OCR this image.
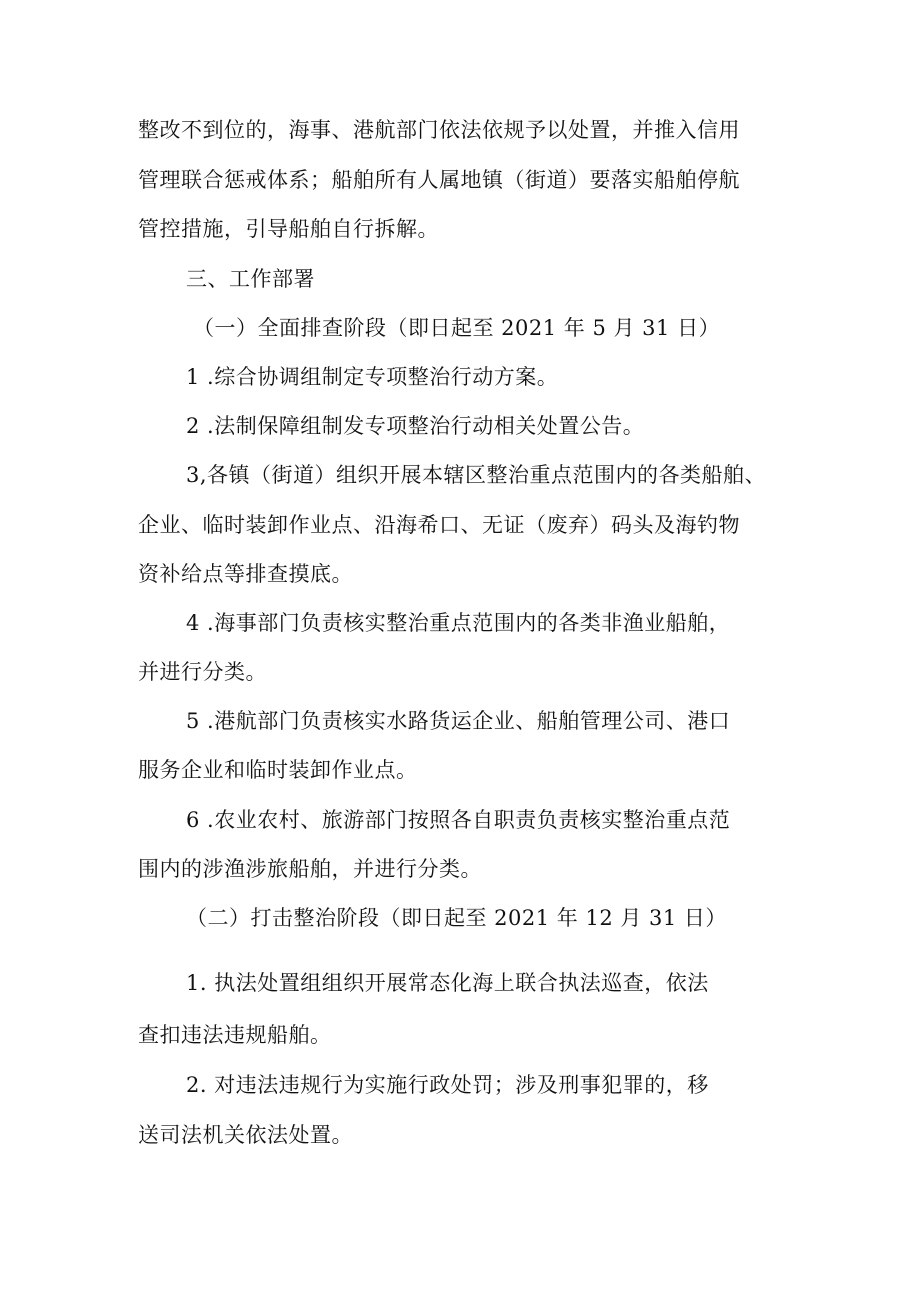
整改不到位的，海事、港航部门依法依规予以处置，并推入信用

管理联合惩戒体系；船舶所有人属地镇（街道）要落实船舶停航

管控措施，引导船舶自行拆解。

三、工作部署

（一）全面排查阶段（即日起至 2021 年 5 月 31 日）

1 .综合协调组制定专项整治行动方案。

2 .法制保障组制发专项整治行动相关处置公告。

3,各镇（街道）组织开展本辖区整治重点范围内的各类船舶、

企业、临时装卸作业点、沿海希口、无证（废弃）码头及海钓物

资补给点等排查摸底。

4 .海事部门负责核实整治重点范围内的各类非渔业船舶，

并进行分类。

5 .港航部门负责核实水路货运企业、船舶管理公司、港口

服务企业和临时装卸作业点。

6 .农业农村、旅游部门按照各自职责负责核实整治重点范

围内的涉渔涉旅船舶，并进行分类。

（二）打击整治阶段（即日起至 2021 年 12 月 31 日）

1. 执法处置组组织开展常态化海上联合执法巡查，依法

查扣违法违规船舶。

2. 对违法违规行为实施行政处罚；涉及刑事犯罪的，移

送司法机关依法处置。
